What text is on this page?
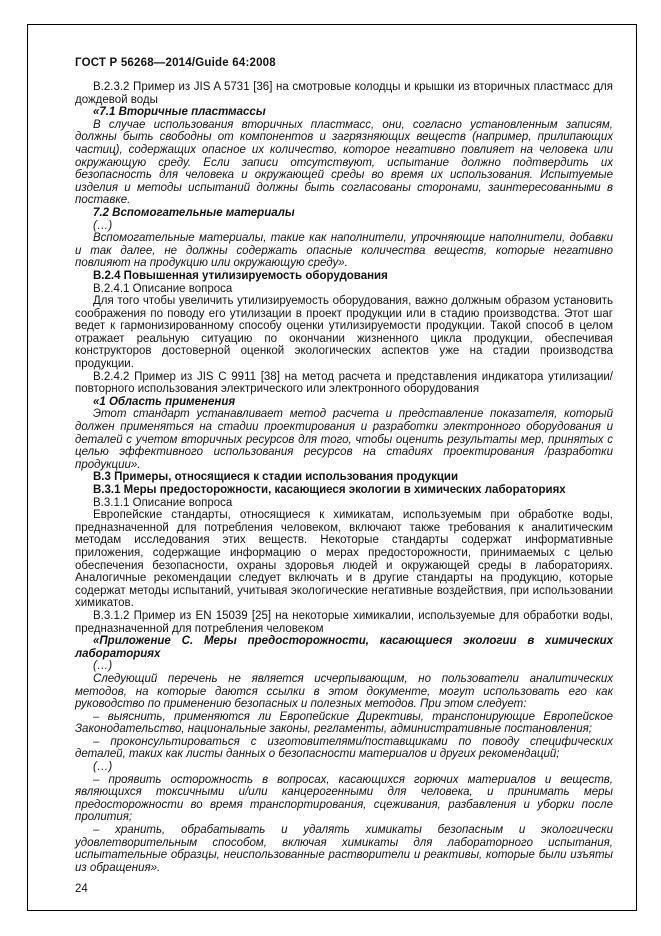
ГОСТ Р 56268—2014/Guide 64:2008

В.2.3.2 Пример из JIS A 5731 [36] на смотровые колодцы и крышки из вторичных пластмасс для дождевой воды

«7.1 Вторичные пластмассы

В случае использования вторичных пластмасс, они, согласно установленным записям, должны быть свободны от компонентов и загрязняющих веществ (например, прилипающих частиц), содержащих опасное их количество, которое негативно повлияет на человека или окружающую среду. Если записи отсутствуют, испытание должно подтвердить их безопасность для человека и окружающей среды во время их использования. Испытуемые изделия и методы испытаний должны быть согласованы сторонами, заинтересованными в поставке.

7.2 Вспомогательные материалы

(…)

Вспомогательные материалы, такие как наполнители, упрочняющие наполнители, добавки и так далее, не должны содержать опасные количества веществ, которые негативно повлияют на продукцию или окружающую среду».

В.2.4 Повышенная утилизируемость оборудования

В.2.4.1 Описание вопроса

Для того чтобы увеличить утилизируемость оборудования, важно должным образом установить соображения по поводу его утилизации в проект продукции или в стадию производства. Этот шаг ведет к гармонизированному способу оценки утилизируемости продукции. Такой способ в целом отражает реальную ситуацию по окончании жизненного цикла продукции, обеспечивая конструкторов достоверной оценкой экологических аспектов уже на стадии производства продукции.

В.2.4.2 Пример из JIS С 9911 [38] на метод расчета и представления индикатора утилизации/повторного использования электрического или электронного оборудования

«1 Область применения

Этот стандарт устанавливает метод расчета и представление показателя, который должен применяться на стадии проектирования и разработки электронного оборудования и деталей с учетом вторичных ресурсов для того, чтобы оценить результаты мер, принятых с целью эффективного использования ресурсов на стадиях проектирования /разработки продукции».

В.3 Примеры, относящиеся к стадии использования продукции

В.3.1 Меры предосторожности, касающиеся экологии в химических лабораториях

В.3.1.1 Описание вопроса

Европейские стандарты, относящиеся к химикатам, используемым при обработке воды, предназначенной для потребления человеком, включают также требования к аналитическим методам исследования этих веществ. Некоторые стандарты содержат информативные приложения, содержащие информацию о мерах предосторожности, принимаемых с целью обеспечения безопасности, охраны здоровья людей и окружающей среды в лабораториях. Аналогичные рекомендации следует включать и в другие стандарты на продукцию, которые содержат методы испытаний, учитывая экологические негативные воздействия, при использовании химикатов.

В.3.1.2 Пример из EN 15039 [25] на некоторые химикалии, используемые для обработки воды, предназначенной для потребления человеком

«Приложение С. Меры предосторожности, касающиеся экологии в химических лабораториях

(…)

Следующий перечень не является исчерпывающим, но пользователи аналитических методов, на которые даются ссылки в этом документе, могут использовать его как руководство по применению безопасных и полезных методов. При этом следует:

– выяснить, применяются ли Европейские Директивы, транспонирующие Европейское Законодательство, национальные законы, регламенты, административные постановления;

– проконсультироваться с изготовителями/поставщиками по поводу специфических деталей, таких как листы данных о безопасности материалов и других рекомендаций;

(…)

– проявить осторожность в вопросах, касающихся горючих материалов и веществ, являющихся токсичными и/или канцерогенными для человека, и принимать меры предосторожности во время транспортирования, сцеживания, разбавления и уборки после пролития;

– хранить, обрабатывать и удалять химикаты безопасным и экологически удовлетворительным способом, включая химикаты для лабораторного испытания, испытательные образцы, неиспользованные растворители и реактивы, которые были изъяты из обращения».

24
